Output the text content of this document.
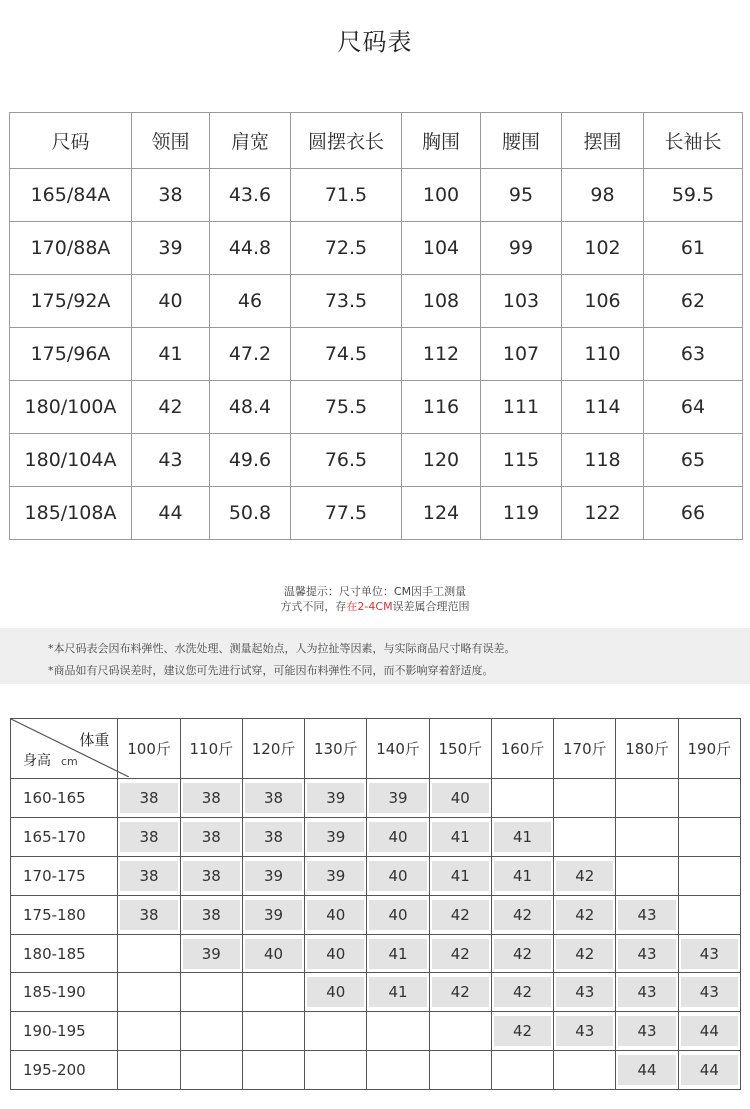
尺码表
尺码	领围	肩宽	圆摆衣长	胸围	腰围	摆围	长袖长
165/84A	38	43.6	71.5	100	95	98	59.5
170/88A	39	44.8	72.5	104	99	102	61
175/92A	40	46	73.5	108	103	106	62
175/96A	41	47.2	74.5	112	107	110	63
180/100A	42	48.4	75.5	116	111	114	64
180/104A	43	49.6	76.5	120	115	118	65
185/108A	44	50.8	77.5	124	119	122	66
温馨提示：尺寸单位：CM因手工测量
方式不同，存在2-4CM误差属合理范围
*本尺码表会因布料弹性、水洗处理、测量起始点，人为拉扯等因素，与实际商品尺寸略有误差。
*商品如有尺码误差时，建议您可先进行试穿，可能因布料弹性不同，而不影响穿着舒适度。
体重
身高 cm	100斤	110斤	120斤	130斤	140斤	150斤	160斤	170斤	180斤	190斤
160-165	38	38	38	39	39	40				

165-170	38	38	38	39	40	41	41			

170-175	38	38	39	39	40	41	41	42		

175-180	38	38	39	40	40	42	42	42	43	

180-185		39	40	40	41	42	42	42	43	43

185-190				40	41	42	42	43	43	43

190-195							42	43	43	44

195-200									44	44
